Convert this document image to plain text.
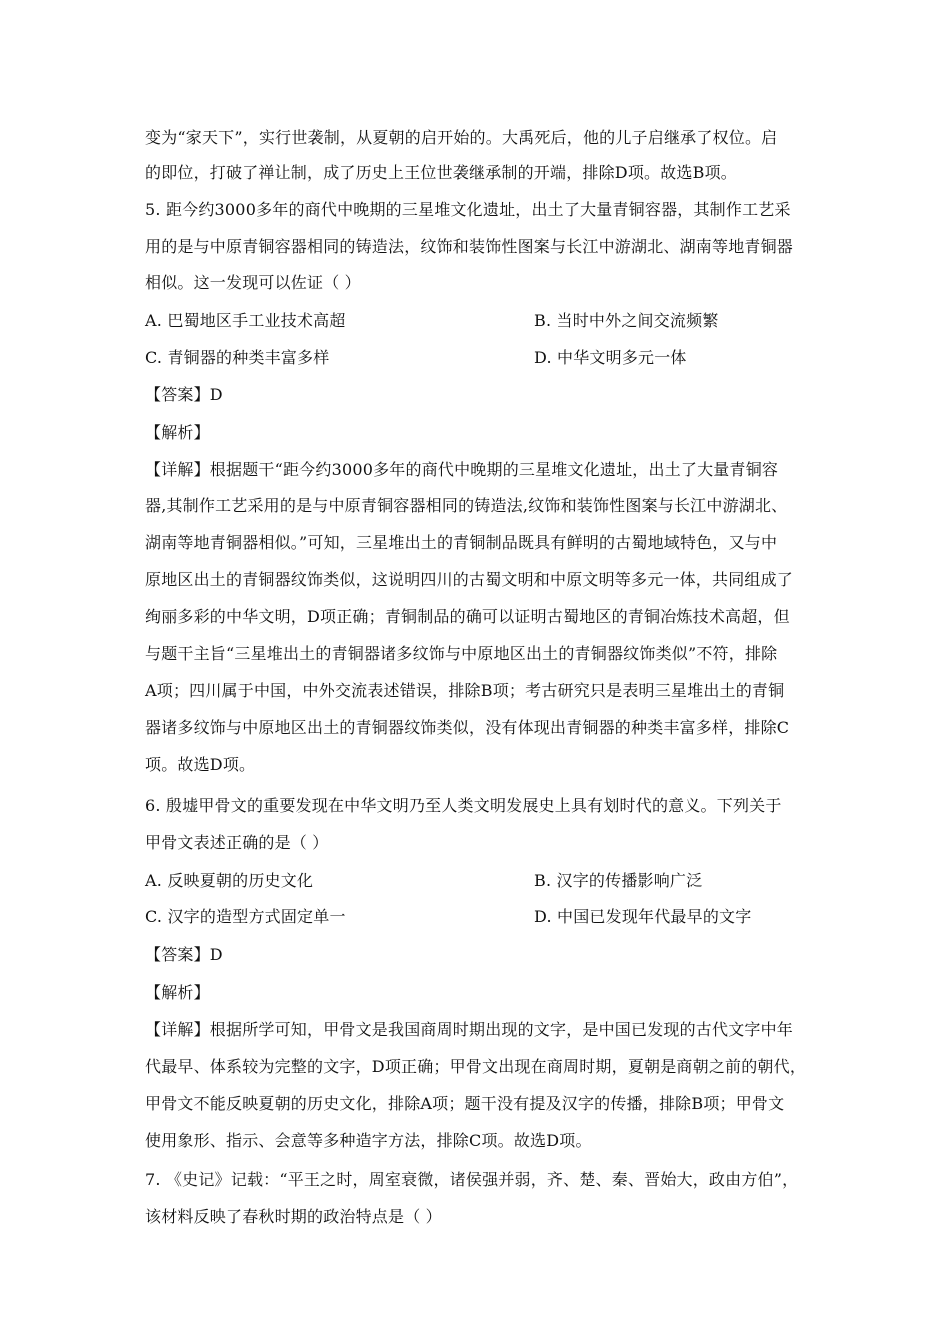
变为“家天下”，实行世袭制，从夏朝的启开始的。大禹死后，他的儿子启继承了权位。启
的即位，打破了禅让制，成了历史上王位世袭继承制的开端，排除D项。故选B项。
5. 距今约3000多年的商代中晚期的三星堆文化遗址，出土了大量青铜容器，其制作工艺采
用的是与中原青铜容器相同的铸造法，纹饰和装饰性图案与长江中游湖北、湖南等地青铜器
相似。这一发现可以佐证（ ）
A. 巴蜀地区手工业技术高超	B. 当时中外之间交流频繁
C. 青铜器的种类丰富多样	D. 中华文明多元一体
【答案】D
【解析】
【详解】根据题干“距今约3000多年的商代中晚期的三星堆文化遗址，出土了大量青铜容
器,其制作工艺采用的是与中原青铜容器相同的铸造法,纹饰和装饰性图案与长江中游湖北、
湖南等地青铜器相似。”可知，三星堆出土的青铜制品既具有鲜明的古蜀地域特色，又与中
原地区出土的青铜器纹饰类似，这说明四川的古蜀文明和中原文明等多元一体，共同组成了
绚丽多彩的中华文明，D项正确；青铜制品的确可以证明古蜀地区的青铜冶炼技术高超，但
与题干主旨“三星堆出土的青铜器诸多纹饰与中原地区出土的青铜器纹饰类似”不符，排除
A项；四川属于中国，中外交流表述错误，排除B项；考古研究只是表明三星堆出土的青铜
器诸多纹饰与中原地区出土的青铜器纹饰类似，没有体现出青铜器的种类丰富多样，排除C
项。故选D项。
6. 殷墟甲骨文的重要发现在中华文明乃至人类文明发展史上具有划时代的意义。下列关于
甲骨文表述正确的是（ ）
A. 反映夏朝的历史文化	B. 汉字的传播影响广泛
C. 汉字的造型方式固定单一	D. 中国已发现年代最早的文字
【答案】D
【解析】
【详解】根据所学可知，甲骨文是我国商周时期出现的文字，是中国已发现的古代文字中年
代最早、体系较为完整的文字，D项正确；甲骨文出现在商周时期，夏朝是商朝之前的朝代，
甲骨文不能反映夏朝的历史文化，排除A项；题干没有提及汉字的传播，排除B项；甲骨文
使用象形、指示、会意等多种造字方法，排除C项。故选D项。
7. 《史记》记载：“平王之时，周室衰微，诸侯强并弱，齐、楚、秦、晋始大，政由方伯”，
该材料反映了春秋时期的政治特点是（ ）
